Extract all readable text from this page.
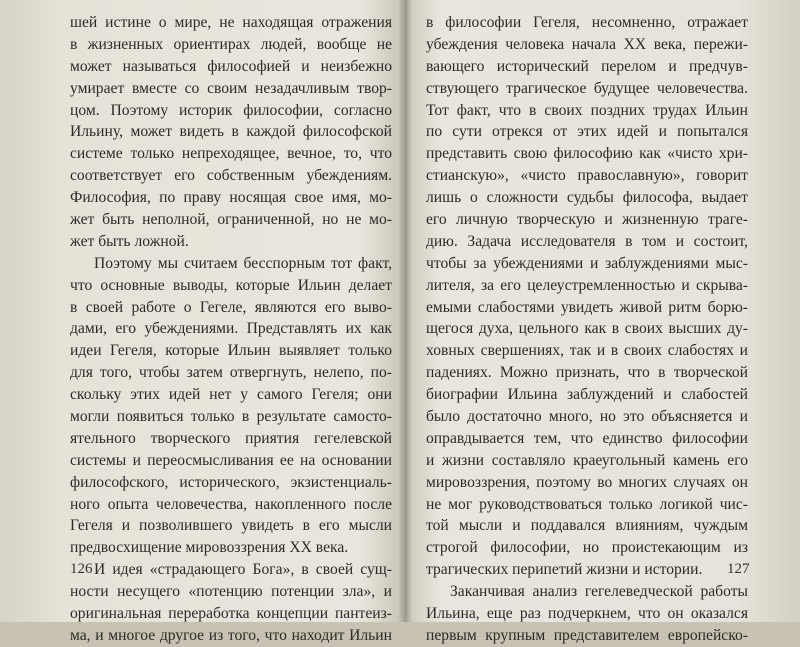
шей истине о мире, не находящая отражения
в жизненных ориентирах людей, вообще не
может называться философией и неизбежно
умирает вместе со своим незадачливым твор-
цом. Поэтому историк философии, согласно
Ильину, может видеть в каждой философской
системе только непреходящее, вечное, то, что
соответствует его собственным убеждениям.
Философия, по праву носящая свое имя, мо-
жет быть неполной, ограниченной, но не мо-
жет быть ложной.
Поэтому мы считаем бесспорным тот факт,
что основные выводы, которые Ильин делает
в своей работе о Гегеле, являются его выво-
дами, его убеждениями. Представлять их как
идеи Гегеля, которые Ильин выявляет только
для того, чтобы затем отвергнуть, нелепо, по-
скольку этих идей нет у самого Гегеля; они
могли появиться только в результате самосто-
ятельного творческого приятия гегелевской
системы и переосмысливания ее на основании
философского, исторического, экзистенциаль-
ного опыта человечества, накопленного после
Гегеля и позволившего увидеть в его мысли
предвосхищение мировоззрения XX века.
И идея «страдающего Бога», в своей сущ-
ности несущего «потенцию потенции зла», и
оригинальная переработка концепции пантеиз-
ма, и многое другое из того, что находит Ильин
126
в философии Гегеля, несомненно, отражает
убеждения человека начала XX века, пережи-
вающего исторический перелом и предчув-
ствующего трагическое будущее человечества.
Тот факт, что в своих поздних трудах Ильин
по сути отрекся от этих идей и попытался
представить свою философию как «чисто хри-
стианскую», «чисто православную», говорит
лишь о сложности судьбы философа, выдает
его личную творческую и жизненную траге-
дию. Задача исследователя в том и состоит,
чтобы за убеждениями и заблуждениями мыс-
лителя, за его целеустремленностью и скрыва-
емыми слабостями увидеть живой ритм борю-
щегося духа, цельного как в своих высших ду-
ховных свершениях, так и в своих слабостях и
падениях. Можно признать, что в творческой
биографии Ильина заблуждений и слабостей
было достаточно много, но это объясняется и
оправдывается тем, что единство философии
и жизни составляло краеугольный камень его
мировоззрения, поэтому во многих случаях он
не мог руководствоваться только логикой чис-
той мысли и поддавался влияниям, чуждым
строгой философии, но проистекающим из
трагических перипетий жизни и истории.
Заканчивая анализ гегелеведческой работы
Ильина, еще раз подчеркнем, что он оказался
первым крупным представителем европейско-
127
